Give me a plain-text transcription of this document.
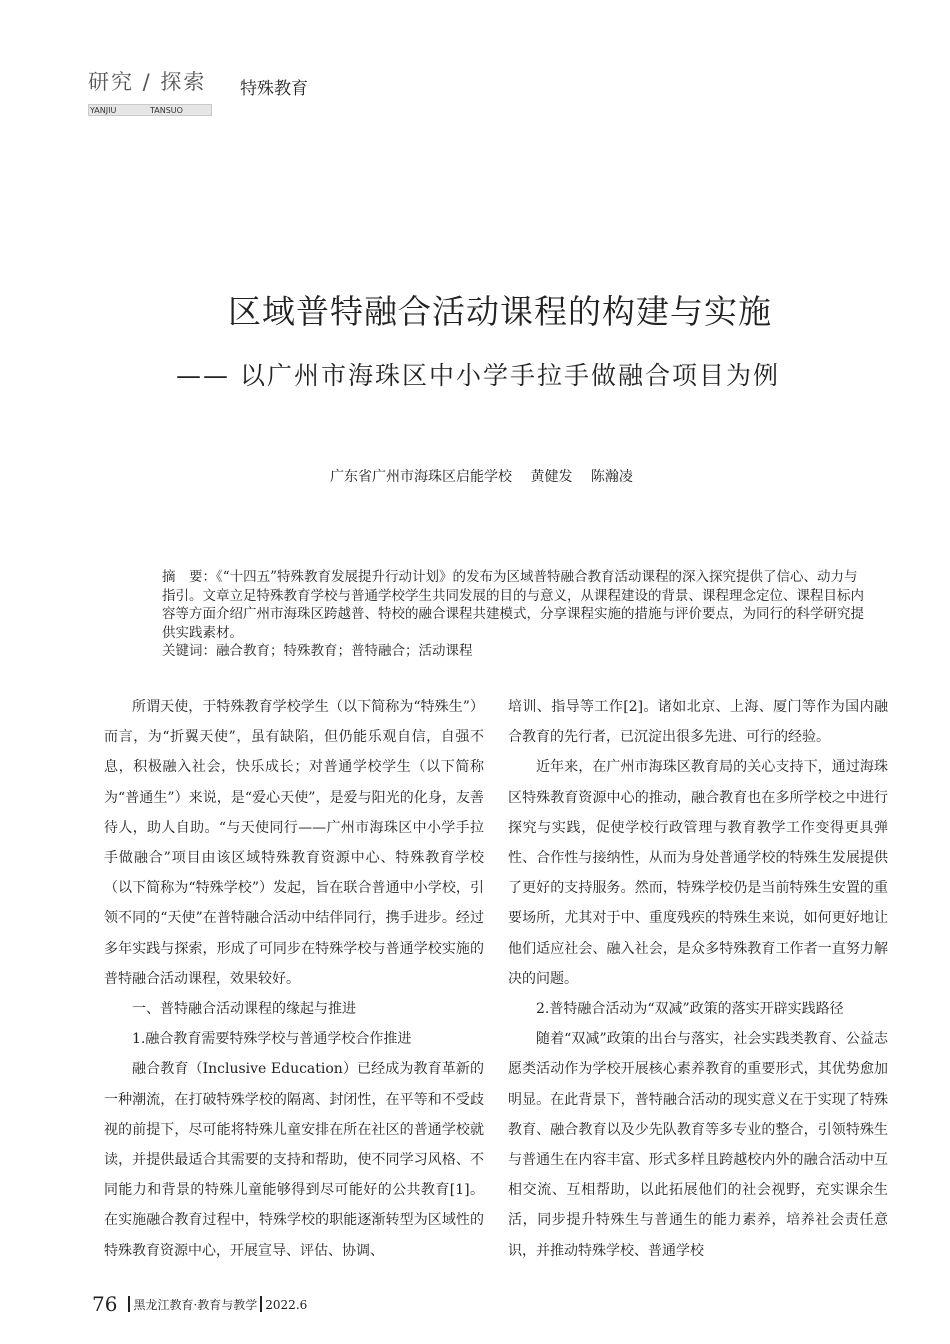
研究 / 探索 特殊教育
YANJIU	TANSUO
区域普特融合活动课程的构建与实施
—— 以广州市海珠区中小学手拉手做融合项目为例
广东省广州市海珠区启能学校 黄健发 陈瀚凌
摘　要：《“十四五”特殊教育发展提升行动计划》的发布为区域普特融合教育活动课程的深入探究提供了信心、动力与指引。文章立足特殊教育学校与普通学校学生共同发展的目的与意义，从课程建设的背景、课程理念定位、课程目标内容等方面介绍广州市海珠区跨越普、特校的融合课程共建模式，分享课程实施的措施与评价要点，为同行的科学研究提供实践素材。
关键词：融合教育；特殊教育；普特融合；活动课程

所谓天使，于特殊教育学校学生（以下简称为“特殊生”）而言，为“折翼天使”，虽有缺陷，但仍能乐观自信，自强不息，积极融入社会，快乐成长；对普通学校学生（以下简称为“普通生”）来说，是“爱心天使”，是爱与阳光的化身，友善待人，助人自助。“与天使同行——广州市海珠区中小学手拉手做融合”项目由该区域特殊教育资源中心、特殊教育学校（以下简称为“特殊学校”）发起，旨在联合普通中小学校，引领不同的“天使”在普特融合活动中结伴同行，携手进步。经过多年实践与探索，形成了可同步在特殊学校与普通学校实施的普特融合活动课程，效果较好。

一、普特融合活动课程的缘起与推进

1.融合教育需要特殊学校与普通学校合作推进

融合教育（Inclusive Education）已经成为教育革新的一种潮流，在打破特殊学校的隔离、封闭性，在平等和不受歧视的前提下，尽可能将特殊儿童安排在所在社区的普通学校就读，并提供最适合其需要的支持和帮助，使不同学习风格、不同能力和背景的特殊儿童能够得到尽可能好的公共教育[1]。在实施融合教育过程中，特殊学校的职能逐渐转型为区域性的特殊教育资源中心，开展宣导、评估、协调、

培训、指导等工作[2]。诸如北京、上海、厦门等作为国内融合教育的先行者，已沉淀出很多先进、可行的经验。

近年来，在广州市海珠区教育局的关心支持下，通过海珠区特殊教育资源中心的推动，融合教育也在多所学校之中进行探究与实践，促使学校行政管理与教育教学工作变得更具弹性、合作性与接纳性，从而为身处普通学校的特殊生发展提供了更好的支持服务。然而，特殊学校仍是当前特殊生安置的重要场所，尤其对于中、重度残疾的特殊生来说，如何更好地让他们适应社会、融入社会，是众多特殊教育工作者一直努力解决的问题。

2.普特融合活动为“双减”政策的落实开辟实践路径

随着“双减”政策的出台与落实，社会实践类教育、公益志愿类活动作为学校开展核心素养教育的重要形式，其优势愈加明显。在此背景下，普特融合活动的现实意义在于实现了特殊教育、融合教育以及少先队教育等多专业的整合，引领特殊生与普通生在内容丰富、形式多样且跨越校内外的融合活动中互相交流、互相帮助，以此拓展他们的社会视野，充实课余生活，同步提升特殊生与普通生的能力素养，培养社会责任意识，并推动特殊学校、普通学校

76 黑龙江教育·教育与教学 2022.6
